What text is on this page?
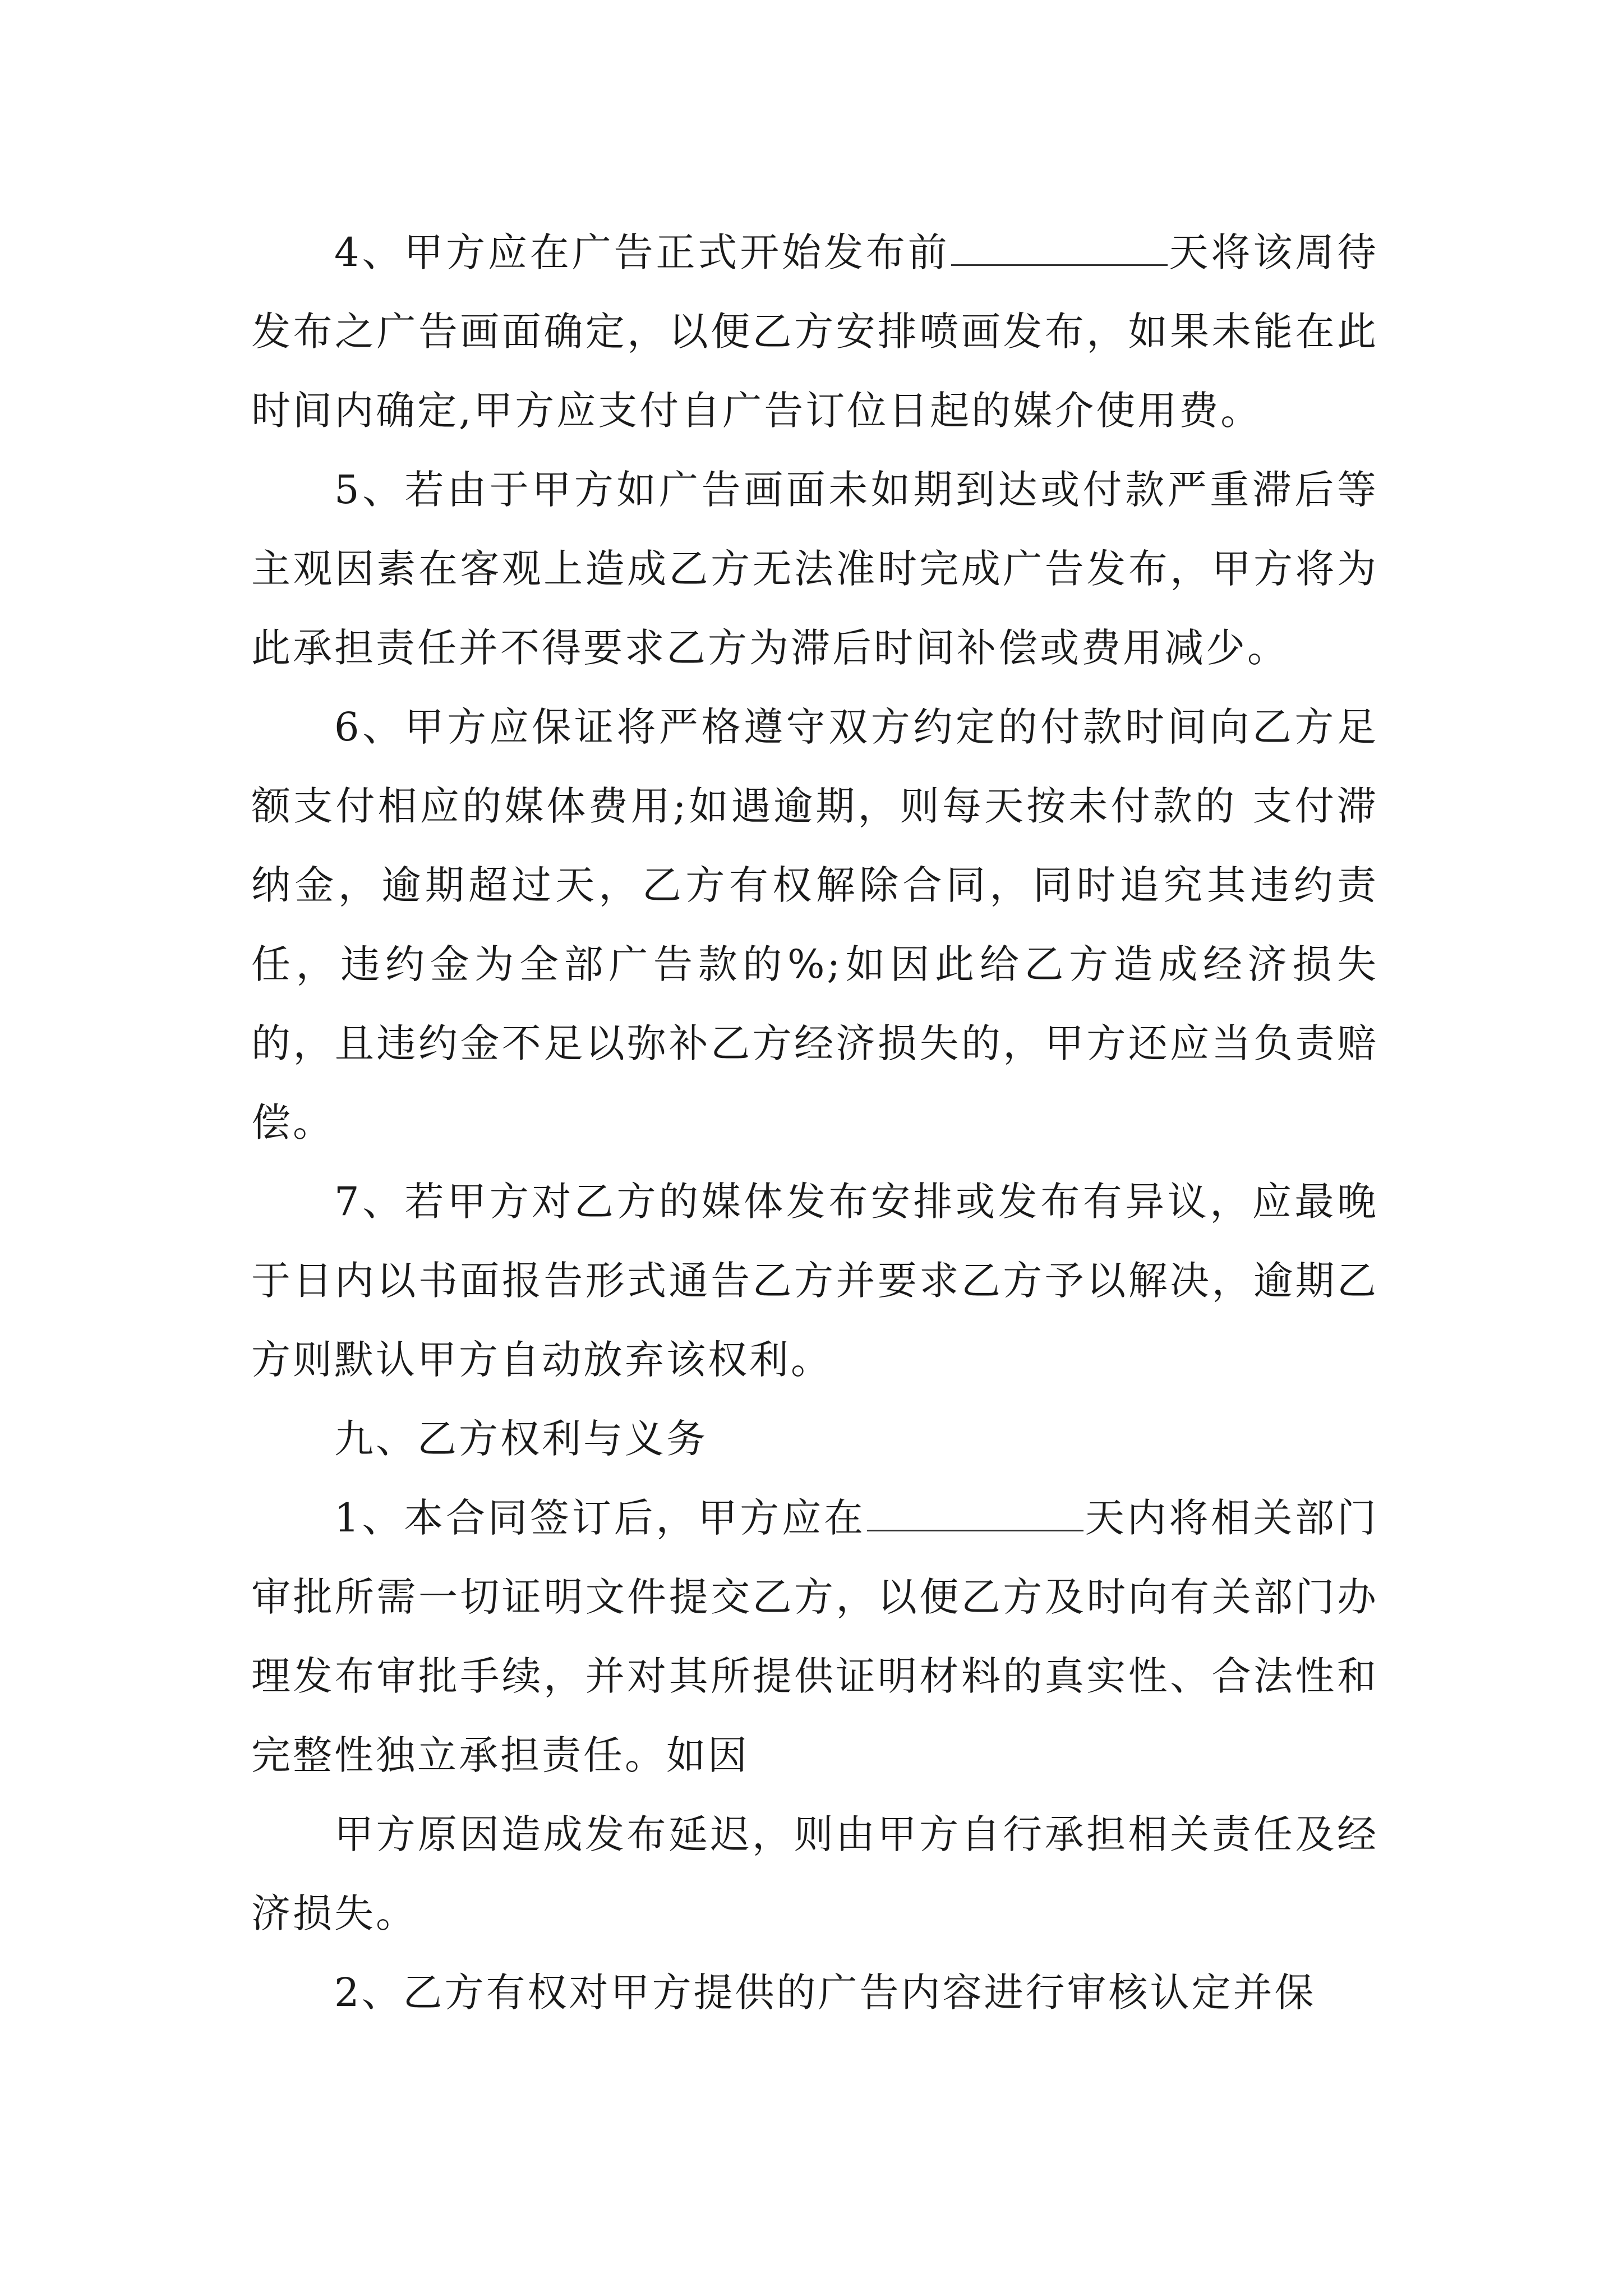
4、甲方应在广告正式开始发布前	天将该周待发布之广告画面确定，以便乙方安排喷画发布，如果未能在此时间内确定,甲方应支付自广告订位日起的媒介使用费。

5、若由于甲方如广告画面未如期到达或付款严重滞后等主观因素在客观上造成乙方无法准时完成广告发布，甲方将为此承担责任并不得要求乙方为滞后时间补偿或费用减少。

6、甲方应保证将严格遵守双方约定的付款时间向乙方足额支付相应的媒体费用;如遇逾期，则每天按未付款的 支付滞纳金，逾期超过天，乙方有权解除合同，同时追究其违约责任，违约金为全部广告款的%;如因此给乙方造成经济损失的，且违约金不足以弥补乙方经济损失的，甲方还应当负责赔偿。

7、若甲方对乙方的媒体发布安排或发布有异议，应最晚于日内以书面报告形式通告乙方并要求乙方予以解决，逾期乙方则默认甲方自动放弃该权利。

九、乙方权利与义务

1、本合同签订后，甲方应在	天内将相关部门审批所需一切证明文件提交乙方，以便乙方及时向有关部门办理发布审批手续，并对其所提供证明材料的真实性、合法性和完整性独立承担责任。如因

甲方原因造成发布延迟，则由甲方自行承担相关责任及经济损失。

2、乙方有权对甲方提供的广告内容进行审核认定并保
